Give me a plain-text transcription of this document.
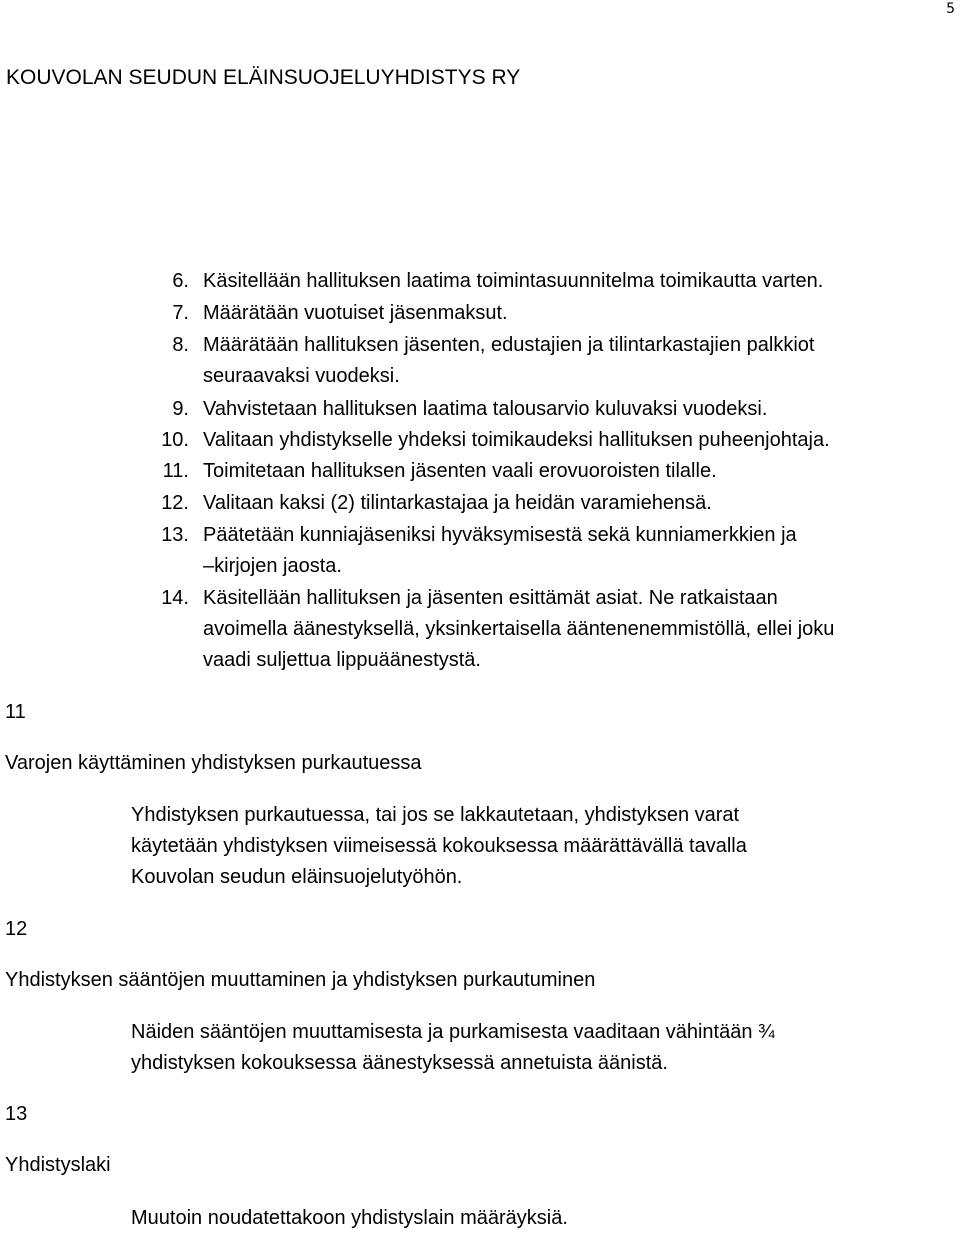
5
KOUVOLAN SEUDUN ELÄINSUOJELUYHDISTYS RY
6. Käsitellään hallituksen laatima toimintasuunnitelma toimikautta varten.
7. Määrätään vuotuiset jäsenmaksut.
8. Määrätään hallituksen jäsenten, edustajien ja tilintarkastajien palkkiot
seuraavaksi vuodeksi.
9. Vahvistetaan hallituksen laatima talousarvio kuluvaksi vuodeksi.
10. Valitaan yhdistykselle yhdeksi toimikaudeksi hallituksen puheenjohtaja.
11. Toimitetaan hallituksen jäsenten vaali erovuoroisten tilalle.
12. Valitaan kaksi (2) tilintarkastajaa ja heidän varamiehensä.
13. Päätetään kunniajäseniksi hyväksymisestä sekä kunniamerkkien ja
–kirjojen jaosta.
14. Käsitellään hallituksen ja jäsenten esittämät asiat. Ne ratkaistaan
avoimella äänestyksellä, yksinkertaisella ääntenenemmistöllä, ellei joku
vaadi suljettua lippuäänestystä.
11
Varojen käyttäminen yhdistyksen purkautuessa
Yhdistyksen purkautuessa, tai jos se lakkautetaan, yhdistyksen varat
käytetään yhdistyksen viimeisessä kokouksessa määrättävällä tavalla
Kouvolan seudun eläinsuojelutyöhön.
12
Yhdistyksen sääntöjen muuttaminen ja yhdistyksen purkautuminen
Näiden sääntöjen muuttamisesta ja purkamisesta vaaditaan vähintään ¾
yhdistyksen kokouksessa äänestyksessä annetuista äänistä.
13
Yhdistyslaki
Muutoin noudatettakoon yhdistyslain määräyksiä.
